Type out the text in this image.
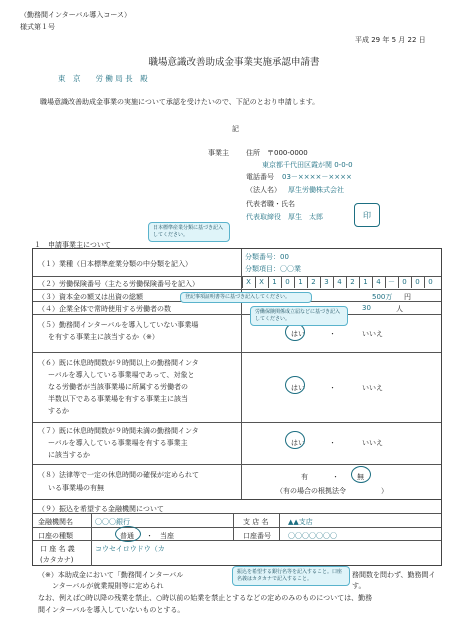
（勤務間インターバル導入コース）
様式第１号
平成 29 年 5 月 22 日
職場意識改善助成金事業実施承認申請書
東　京　　労 働 局 長　殿
職場意識改善助成金事業の実施について承認を受けたいので、下記のとおり申請します。
記
事業主 住所　〒000-0000
東京都千代田区霞が関 0-0-0
電話番号 03－××××－××××
（法人名） 厚生労働株式会社
代表者職・氏名
代表取締役　厚生　太郎	印
１　申請事業主について
（１）業種（日本標準産業分類の中分類を記入）
分類番号：00
分類項目：〇〇業
（２）労働保険番号（主たる労働保険番号を記入）	X	X	1	0	1	2	3	4	2	1	4	－	0	0	0
（３）資本金の額又は出資の総額	500万 円
（４）企業全体で常時使用する労働者の数	30	人
（５）勤務間インターバルを導入していない事業場
を有する事業主に該当するか（※）	はい	・	いいえ
（６）既に休息時間数が９時間以上の勤務間インタ
ーバルを導入している事業場であって、対象と
なる労働者が当該事業場に所属する労働者の
半数以下である事業場を有する事業主に該当
するか
はい	・	いいえ
（７）既に休息時間数が９時間未満の勤務間インタ
ーバルを導入している事業場を有する事業主
に該当するか
はい	・	いいえ
（８）法律等で一定の休息時間の確保が定められて
いる事業場の有無
有	・	無
（有の場合の根拠法令　　　　　）
（９）振込を希望する金融機関について
金融機関名	〇〇〇銀行	支 店 名	▲▲支店
口座の種類	普通 ・ 当座	口座番号 〇〇〇〇〇〇〇
口 座 名 義
(カタカナ)
コウセイロウドウ（カ
（※）本助成金において「勤務間インターバル	務間数を問わず、勤務間イ
ンターバルが就業規則等に定められ	す。
なお、例えば○時以降の残業を禁止、○時以前の始業を禁止とするなどの定めのみのものについては、勤務
間インターバルを導入していないものとする。
日本標準産業分類に基づき記入してください。
登記事項証明書等に基づき記入してください。
労働保険関係成立届などに基づき記入してください。
振込を希望する銀行名等を記入すること。口座名義はカタカナで記入すること。
